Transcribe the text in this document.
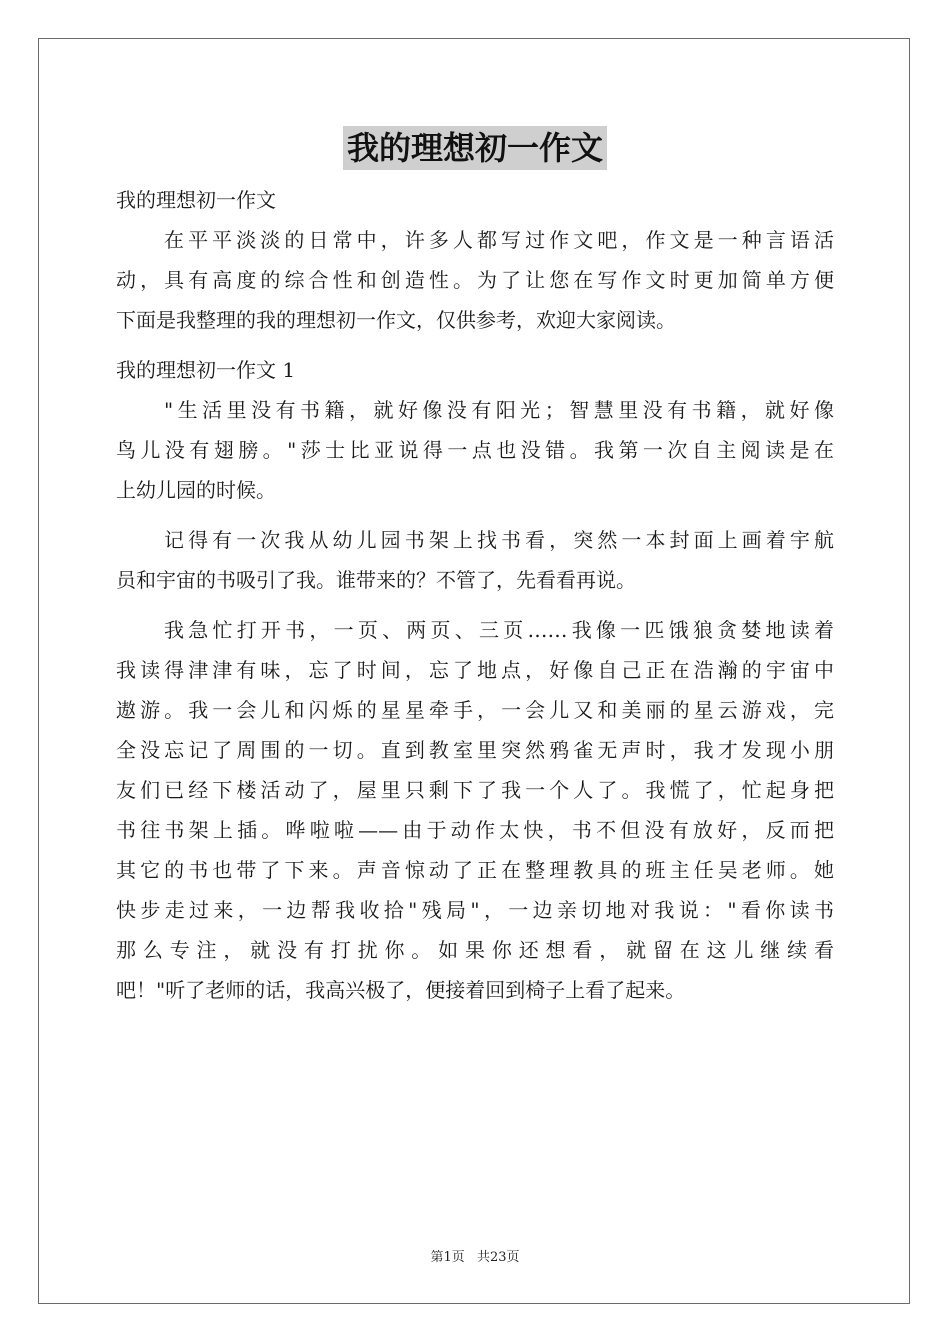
我的理想初一作文

我的理想初一作文

在平平淡淡的日常中，许多人都写过作文吧，作文是一种言语活

动，具有高度的综合性和创造性。为了让您在写作文时更加简单方便

下面是我整理的我的理想初一作文，仅供参考，欢迎大家阅读。

我的理想初一作文 1

"生活里没有书籍，就好像没有阳光；智慧里没有书籍，就好像

鸟儿没有翅膀。"莎士比亚说得一点也没错。我第一次自主阅读是在

上幼儿园的时候。

记得有一次我从幼儿园书架上找书看，突然一本封面上画着宇航

员和宇宙的书吸引了我。谁带来的？不管了，先看看再说。

我急忙打开书，一页、两页、三页……我像一匹饿狼贪婪地读着

我读得津津有味，忘了时间，忘了地点，好像自己正在浩瀚的宇宙中

遨游。我一会儿和闪烁的星星牵手，一会儿又和美丽的星云游戏，完

全没忘记了周围的一切。直到教室里突然鸦雀无声时，我才发现小朋

友们已经下楼活动了，屋里只剩下了我一个人了。我慌了，忙起身把

书往书架上插。哗啦啦——由于动作太快，书不但没有放好，反而把

其它的书也带了下来。声音惊动了正在整理教具的班主任吴老师。她

快步走过来，一边帮我收拾"残局"，一边亲切地对我说："看你读书

那么专注，就没有打扰你。如果你还想看，就留在这儿继续看

吧！"听了老师的话，我高兴极了，便接着回到椅子上看了起来。

第1页 共23页
